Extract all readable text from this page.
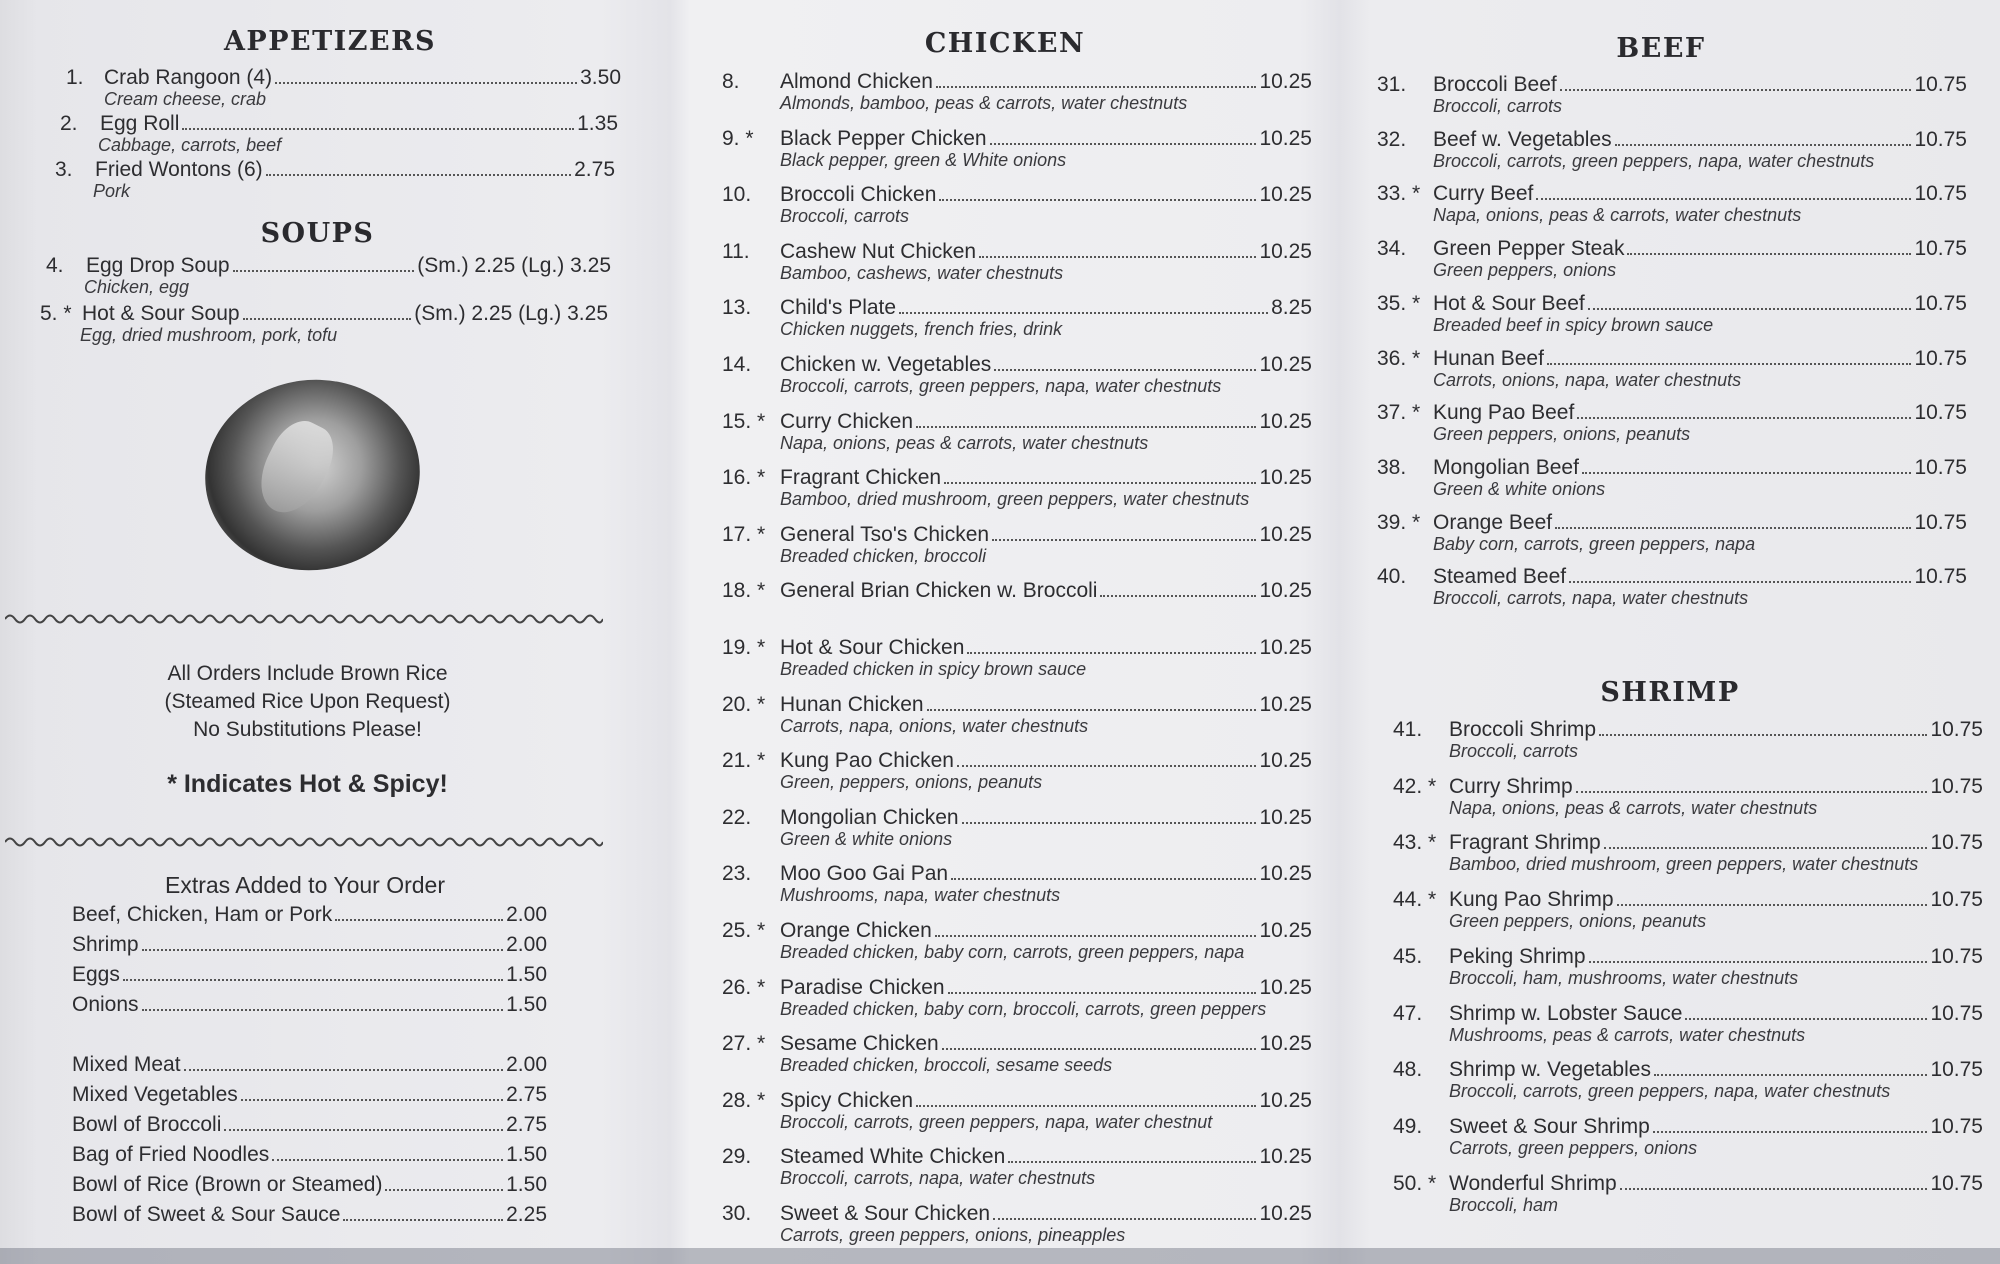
APPETIZERS
1. Crab Rangoon (4)	3.50
Cream cheese, crab
2.	Egg Roll	1.35
Cabbage, carrots, beef
3.	Fried Wontons (6)	2.75
Pork
SOUPS
4.	Egg Drop Soup	(Sm.) 2.25 (Lg.) 3.25
Chicken, egg
5. * Hot & Sour Soup	(Sm.) 2.25 (Lg.) 3.25
Egg, dried mushroom, pork, tofu
All Orders Include Brown Rice
(Steamed Rice Upon Request)
No Substitutions Please!
* Indicates Hot & Spicy!
Extras Added to Your Order
Beef, Chicken, Ham or Pork	2.00
Shrimp	2.00
Eggs	1.50
Onions	1.50
Mixed Meat	2.00
Mixed Vegetables	2.75
Bowl of Broccoli	2.75
Bag of Fried Noodles	1.50
Bowl of Rice (Brown or Steamed)	1.50
Bowl of Sweet & Sour Sauce	2.25
CHICKEN
8.	Almond Chicken	10.25
Almonds, bamboo, peas & carrots, water chestnuts
9. *	Black Pepper Chicken	10.25
Black pepper, green & White onions
10.	Broccoli Chicken	10.25
Broccoli, carrots
11.	Cashew Nut Chicken	10.25
Bamboo, cashews, water chestnuts
13.	Child's Plate	8.25
Chicken nuggets, french fries, drink
14.	Chicken w. Vegetables	10.25
Broccoli, carrots, green peppers, napa, water chestnuts
15. * Curry Chicken	10.25
Napa, onions, peas & carrots, water chestnuts
16. * Fragrant Chicken	10.25
Bamboo, dried mushroom, green peppers, water chestnuts
17. * General Tso's Chicken	10.25
Breaded chicken, broccoli
18. * General Brian Chicken w. Broccoli	10.25
19. * Hot & Sour Chicken	10.25
Breaded chicken in spicy brown sauce
20. * Hunan Chicken	10.25
Carrots, napa, onions, water chestnuts
21. * Kung Pao Chicken	10.25
Green, peppers, onions, peanuts
22.	Mongolian Chicken	10.25
Green & white onions
23.	Moo Goo Gai Pan	10.25
Mushrooms, napa, water chestnuts
25. * Orange Chicken	10.25
Breaded chicken, baby corn, carrots, green peppers, napa
26. * Paradise Chicken	10.25
Breaded chicken, baby corn, broccoli, carrots, green peppers
27. * Sesame Chicken	10.25
Breaded chicken, broccoli, sesame seeds
28. * Spicy Chicken	10.25
Broccoli, carrots, green peppers, napa, water chestnut
29.	Steamed White Chicken	10.25
Broccoli, carrots, napa, water chestnuts
30.	Sweet & Sour Chicken	10.25
Carrots, green peppers, onions, pineapples
BEEF
31.	Broccoli Beef	10.75
Broccoli, carrots
32.	Beef w. Vegetables	10.75
Broccoli, carrots, green peppers, napa, water chestnuts
33. * Curry Beef	10.75
Napa, onions, peas & carrots, water chestnuts
34.	Green Pepper Steak	10.75
Green peppers, onions
35. * Hot & Sour Beef	10.75
Breaded beef in spicy brown sauce
36. * Hunan Beef	10.75
Carrots, onions, napa, water chestnuts
37. * Kung Pao Beef	10.75
Green peppers, onions, peanuts
38.	Mongolian Beef	10.75
Green & white onions
39. * Orange Beef	10.75
Baby corn, carrots, green peppers, napa
40.	Steamed Beef	10.75
Broccoli, carrots, napa, water chestnuts
SHRIMP
41.	Broccoli Shrimp	10.75
Broccoli, carrots
42. * Curry Shrimp	10.75
Napa, onions, peas & carrots, water chestnuts
43. * Fragrant Shrimp	10.75
Bamboo, dried mushroom, green peppers, water chestnuts
44. * Kung Pao Shrimp	10.75
Green peppers, onions, peanuts
45.	Peking Shrimp	10.75
Broccoli, ham, mushrooms, water chestnuts
47.	Shrimp w. Lobster Sauce	10.75
Mushrooms, peas & carrots, water chestnuts
48.	Shrimp w. Vegetables	10.75
Broccoli, carrots, green peppers, napa, water chestnuts
49.	Sweet & Sour Shrimp	10.75
Carrots, green peppers, onions
50. * Wonderful Shrimp	10.75
Broccoli, ham
